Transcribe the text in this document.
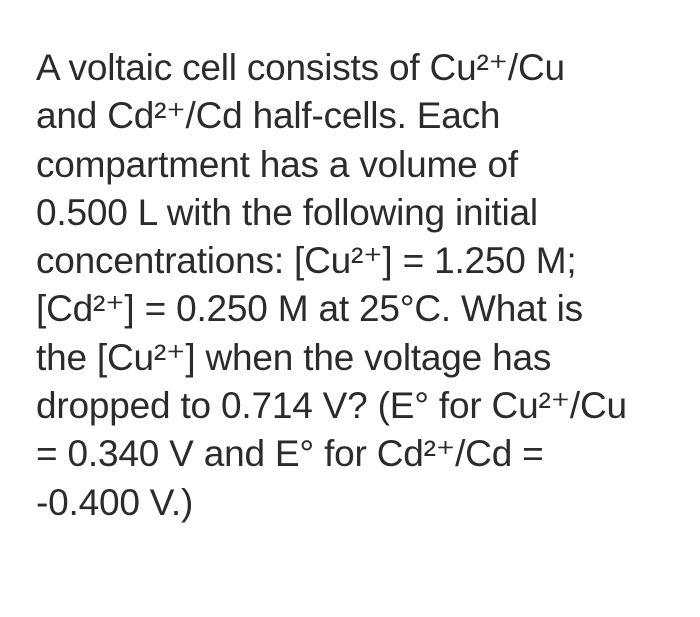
A voltaic cell consists of Cu²⁺/Cu
and Cd²⁺/Cd half-cells. Each
compartment has a volume of
0.500 L with the following initial
concentrations: [Cu²⁺] = 1.250 M;
[Cd²⁺] = 0.250 M at 25°C. What is
the [Cu²⁺] when the voltage has
dropped to 0.714 V? (E° for Cu²⁺/Cu
= 0.340 V and E° for Cd²⁺/Cd =
-0.400 V.)
